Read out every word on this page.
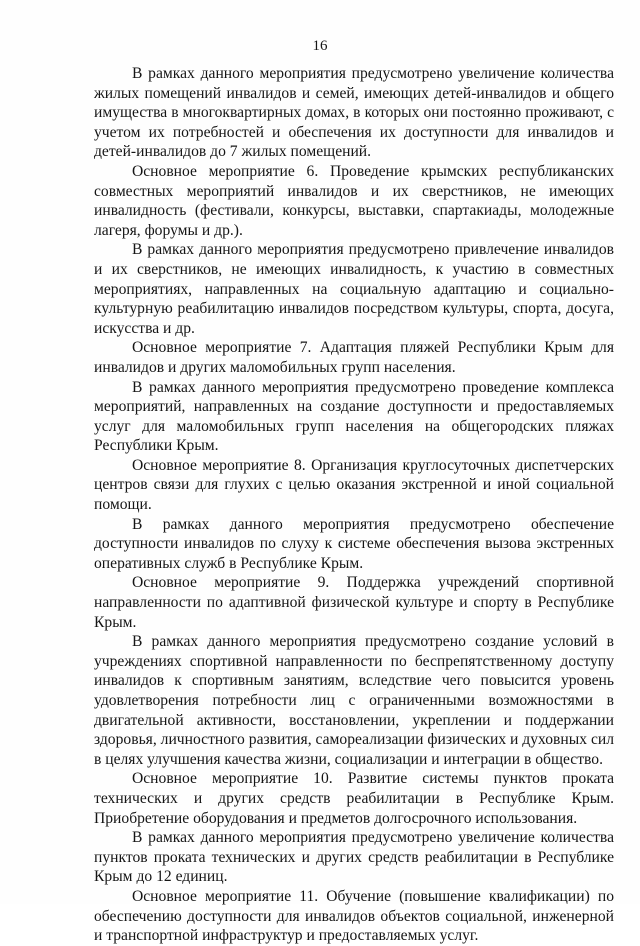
16

В рамках данного мероприятия предусмотрено увеличение количества жилых помещений инвалидов и семей, имеющих детей-инвалидов и общего имущества в многоквартирных домах, в которых они постоянно проживают, с учетом их потребностей и обеспечения их доступности для инвалидов и детей-инвалидов до 7 жилых помещений.

Основное мероприятие 6. Проведение крымских республиканских совместных мероприятий инвалидов и их сверстников, не имеющих инвалидность (фестивали, конкурсы, выставки, спартакиады, молодежные лагеря, форумы и др.).

В рамках данного мероприятия предусмотрено привлечение инвалидов и их сверстников, не имеющих инвалидность, к участию в совместных мероприятиях, направленных на социальную адаптацию и социально-культурную реабилитацию инвалидов посредством культуры, спорта, досуга, искусства и др.

Основное мероприятие 7. Адаптация пляжей Республики Крым для инвалидов и других маломобильных групп населения.

В рамках данного мероприятия предусмотрено проведение комплекса мероприятий, направленных на создание доступности и предоставляемых услуг для маломобильных групп населения на общегородских пляжах Республики Крым.

Основное мероприятие 8. Организация круглосуточных диспетчерских центров связи для глухих с целью оказания экстренной и иной социальной помощи.

В рамках данного мероприятия предусмотрено обеспечение доступности инвалидов по слуху к системе обеспечения вызова экстренных оперативных служб в Республике Крым.

Основное мероприятие 9. Поддержка учреждений спортивной направленности по адаптивной физической культуре и спорту в Республике Крым.

В рамках данного мероприятия предусмотрено создание условий в учреждениях спортивной направленности по беспрепятственному доступу инвалидов к спортивным занятиям, вследствие чего повысится уровень удовлетворения потребности лиц с ограниченными возможностями в двигательной активности, восстановлении, укреплении и поддержании здоровья, личностного развития, самореализации физических и духовных сил в целях улучшения качества жизни, социализации и интеграции в общество.

Основное мероприятие 10. Развитие системы пунктов проката технических и других средств реабилитации в Республике Крым. Приобретение оборудования и предметов долгосрочного использования.

В рамках данного мероприятия предусмотрено увеличение количества пунктов проката технических и других средств реабилитации в Республике Крым до 12 единиц.

Основное мероприятие 11. Обучение (повышение квалификации) по обеспечению доступности для инвалидов объектов социальной, инженерной и транспортной инфраструктур и предоставляемых услуг.
